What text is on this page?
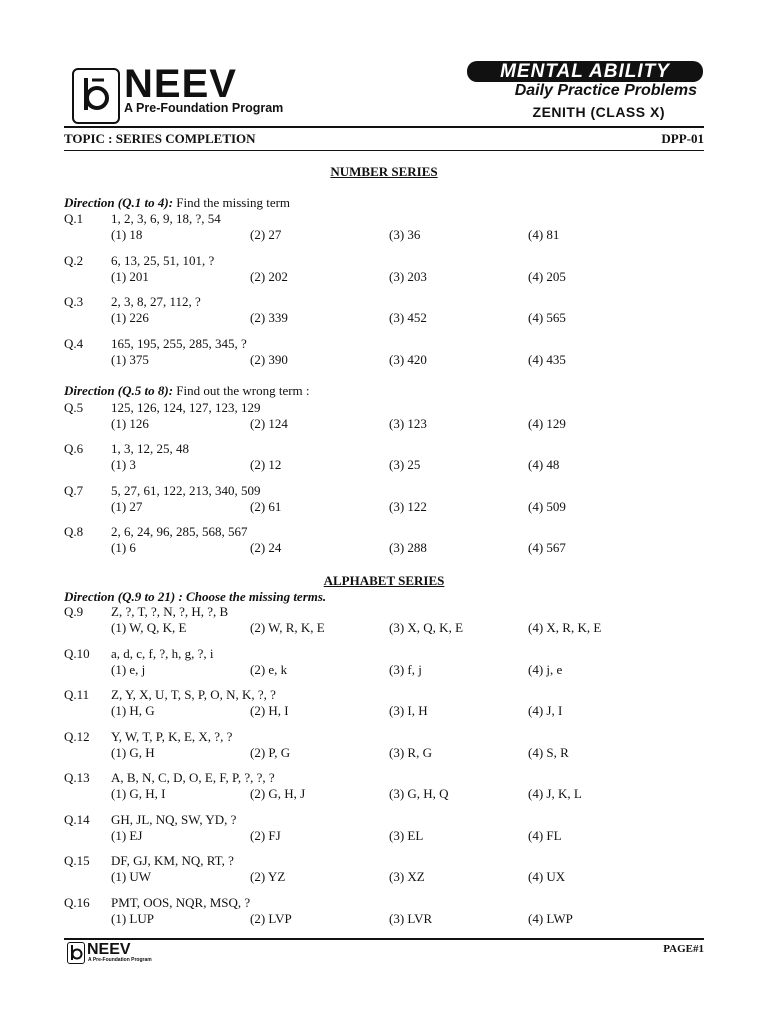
NEEV
A Pre-Foundation Program
MENTAL ABILITY
Daily Practice Problems
ZENITH (CLASS X)
TOPIC : SERIES COMPLETION	DPP-01
NUMBER SERIES
Direction (Q.1 to 4): Find the missing term
Direction (Q.5 to 8): Find out the wrong term :
ALPHABET SERIES
Direction (Q.9 to 21) : Choose the missing terms.
Q.1 1, 2, 3, 6, 9, 18, ?, 54
(1) 18	(2) 27	(3) 36	(4) 81
Q.2 6, 13, 25, 51, 101, ?
(1) 201	(2) 202	(3) 203	(4) 205
Q.3 2, 3, 8, 27, 112, ?
(1) 226	(2) 339	(3) 452	(4) 565
Q.4 165, 195, 255, 285, 345, ?
(1) 375	(2) 390	(3) 420	(4) 435
Q.5 125, 126, 124, 127, 123, 129
(1) 126	(2) 124	(3) 123	(4) 129
Q.6 1, 3, 12, 25, 48
(1) 3	(2) 12	(3) 25	(4) 48
Q.7 5, 27, 61, 122, 213, 340, 509
(1) 27	(2) 61	(3) 122	(4) 509
Q.8 2, 6, 24, 96, 285, 568, 567
(1) 6	(2) 24	(3) 288	(4) 567
Q.9 Z, ?, T, ?, N, ?, H, ?, B
(1) W, Q, K, E	(2) W, R, K, E	(3) X, Q, K, E	(4) X, R, K, E
Q.10 a, d, c, f, ?, h, g, ?, i
(1) e, j	(2) e, k	(3) f, j	(4) j, e
Q.11 Z, Y, X, U, T, S, P, O, N, K, ?, ?
(1) H, G	(2) H, I	(3) I, H	(4) J, I
Q.12 Y, W, T, P, K, E, X, ?, ?
(1) G, H	(2) P, G	(3) R, G	(4) S, R
Q.13 A, B, N, C, D, O, E, F, P, ?, ?, ?
(1) G, H, I	(2) G, H, J	(3) G, H, Q	(4) J, K, L
Q.14 GH, JL, NQ, SW, YD, ?
(1) EJ	(2) FJ	(3) EL	(4) FL
Q.15 DF, GJ, KM, NQ, RT, ?
(1) UW	(2) YZ	(3) XZ	(4) UX
Q.16 PMT, OOS, NQR, MSQ, ?
(1) LUP	(2) LVP	(3) LVR	(4) LWP
NEEV
A Pre-Foundation Program
PAGE#1
